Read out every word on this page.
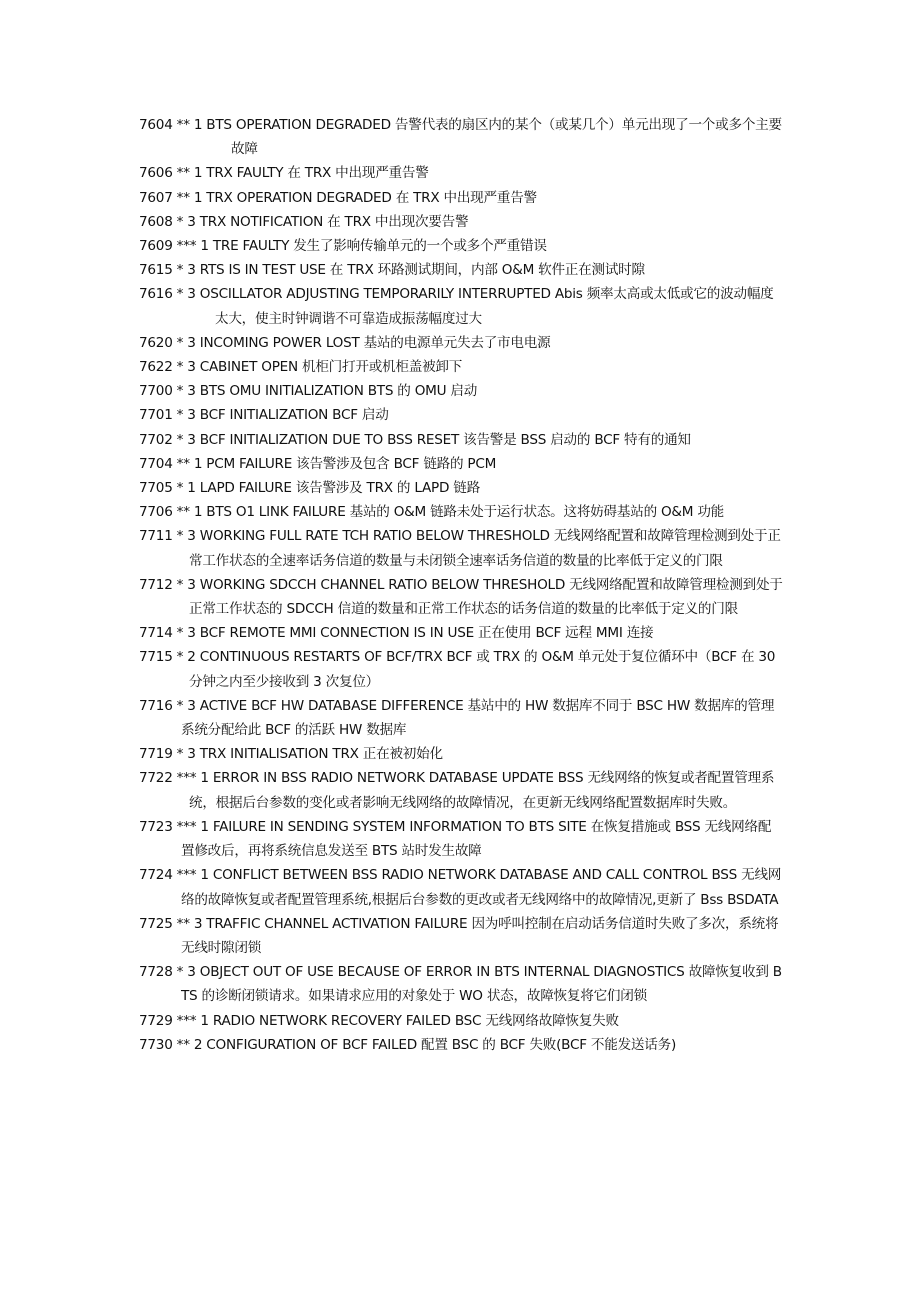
7604 ** 1 BTS OPERATION DEGRADED 告警代表的扇区内的某个（或某几个）单元出现了一个或多个主要故障
7606 ** 1 TRX FAULTY 在 TRX 中出现严重告警
7607 ** 1 TRX OPERATION DEGRADED 在 TRX 中出现严重告警
7608 * 3 TRX NOTIFICATION 在 TRX 中出现次要告警
7609 *** 1 TRE FAULTY 发生了影响传输单元的一个或多个严重错误
7615 * 3 RTS IS IN TEST USE 在 TRX 环路测试期间，内部 O&M 软件正在测试时隙
7616 * 3 OSCILLATOR ADJUSTING TEMPORARILY INTERRUPTED Abis 频率太高或太低或它的波动幅度太大，使主时钟调谐不可靠造成振荡幅度过大
7620 * 3 INCOMING POWER LOST 基站的电源单元失去了市电电源
7622 * 3 CABINET OPEN 机柜门打开或机柜盖被卸下
7700 * 3 BTS OMU INITIALIZATION BTS 的 OMU 启动
7701 * 3 BCF INITIALIZATION BCF 启动
7702 * 3 BCF INITIALIZATION DUE TO BSS RESET 该告警是 BSS 启动的 BCF 特有的通知
7704 ** 1 PCM FAILURE 该告警涉及包含 BCF 链路的 PCM
7705 * 1 LAPD FAILURE 该告警涉及 TRX 的 LAPD 链路
7706 ** 1 BTS O1 LINK FAILURE 基站的 O&M 链路未处于运行状态。这将妨碍基站的 O&M 功能
7711 * 3 WORKING FULL RATE TCH RATIO BELOW THRESHOLD 无线网络配置和故障管理检测到处于正常工作状态的全速率话务信道的数量与未闭锁全速率话务信道的数量的比率低于定义的门限
7712 * 3 WORKING SDCCH CHANNEL RATIO BELOW THRESHOLD 无线网络配置和故障管理检测到处于正常工作状态的 SDCCH 信道的数量和正常工作状态的话务信道的数量的比率低于定义的门限
7714 * 3 BCF REMOTE MMI CONNECTION IS IN USE 正在使用 BCF 远程 MMI 连接
7715 * 2 CONTINUOUS RESTARTS OF BCF/TRX BCF 或 TRX 的 O&M 单元处于复位循环中（BCF 在 30 分钟之内至少接收到 3 次复位）
7716 * 3 ACTIVE BCF HW DATABASE DIFFERENCE 基站中的 HW 数据库不同于 BSC HW 数据库的管理系统分配给此 BCF 的活跃 HW 数据库
7719 * 3 TRX INITIALISATION TRX 正在被初始化
7722 *** 1 ERROR IN BSS RADIO NETWORK DATABASE UPDATE BSS 无线网络的恢复或者配置管理系统，根据后台参数的变化或者影响无线网络的故障情况，在更新无线网络配置数据库时失败。
7723 *** 1 FAILURE IN SENDING SYSTEM INFORMATION TO BTS SITE 在恢复措施或 BSS 无线网络配置修改后，再将系统信息发送至 BTS 站时发生故障
7724 *** 1 CONFLICT BETWEEN BSS RADIO NETWORK DATABASE AND CALL CONTROL BSS 无线网络的故障恢复或者配置管理系统,根据后台参数的更改或者无线网络中的故障情况,更新了 Bss BSDATA
7725 ** 3 TRAFFIC CHANNEL ACTIVATION FAILURE 因为呼叫控制在启动话务信道时失败了多次，系统将无线时隙闭锁
7728 * 3 OBJECT OUT OF USE BECAUSE OF ERROR IN BTS INTERNAL DIAGNOSTICS 故障恢复收到 BTS 的诊断闭锁请求。如果请求应用的对象处于 WO 状态，故障恢复将它们闭锁
7729 *** 1 RADIO NETWORK RECOVERY FAILED BSC 无线网络故障恢复失败
7730 ** 2 CONFIGURATION OF BCF FAILED 配置 BSC 的 BCF 失败(BCF 不能发送话务)
